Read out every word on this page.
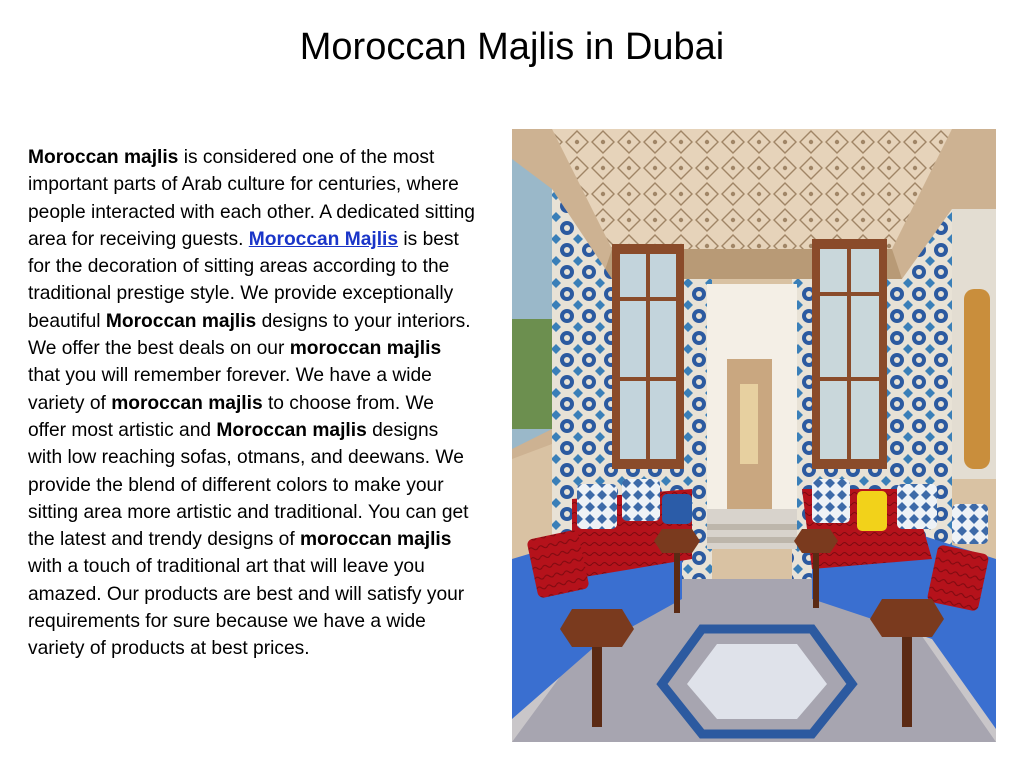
Moroccan Majlis in Dubai
Moroccan majlis is considered one of the most important parts of Arab culture for centuries, where people interacted with each other. A dedicated sitting area for receiving guests. Moroccan Majlis is best for the decoration of sitting areas according to the traditional prestige style. We provide exceptionally beautiful Moroccan majlis designs to your interiors. We offer the best deals on our moroccan majlis that you will remember forever. We have a wide variety of moroccan majlis to choose from. We offer most artistic and Moroccan majlis designs with low reaching sofas, otmans, and deewans. We provide the blend of different colors to make your sitting area more artistic and traditional. You can get the latest and trendy designs of moroccan majlis with a touch of traditional art that will leave you amazed. Our products are best and will satisfy your requirements for sure because we have a wide variety of products at best prices.
